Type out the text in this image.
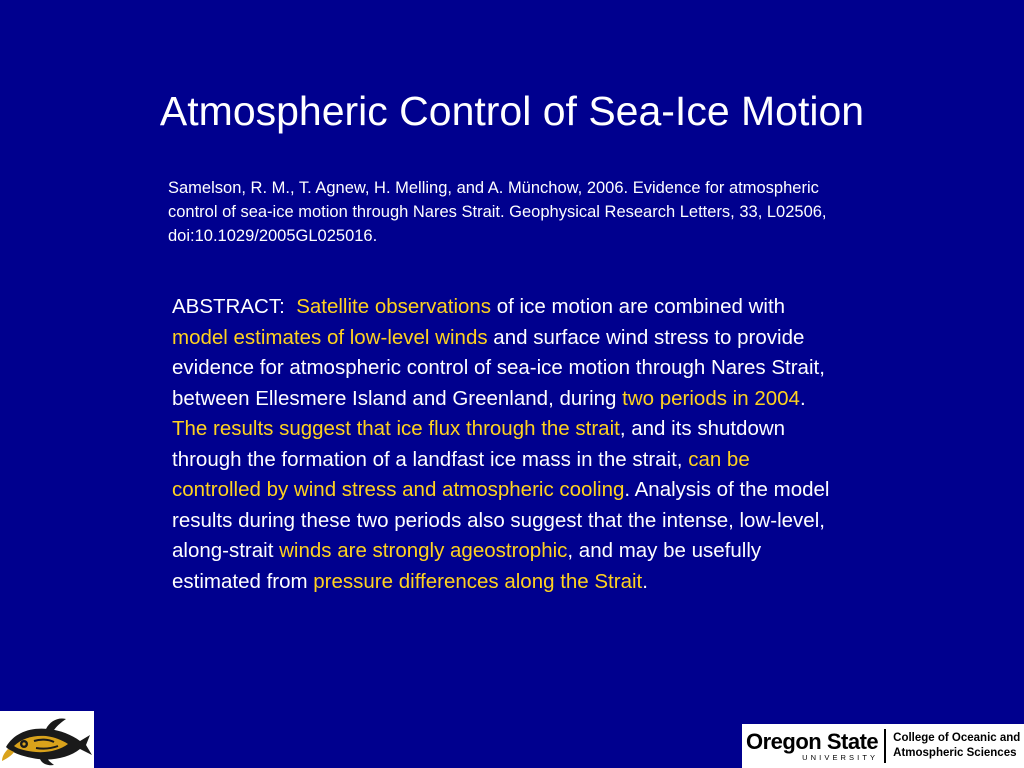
Atmospheric Control of Sea-Ice Motion

Samelson, R. M., T. Agnew, H. Melling, and A. Münchow, 2006. Evidence for atmospheric control of sea-ice motion through Nares Strait. Geophysical Research Letters, 33, L02506, doi:10.1029/2005GL025016.

ABSTRACT: Satellite observations of ice motion are combined with model estimates of low-level winds and surface wind stress to provide evidence for atmospheric control of sea-ice motion through Nares Strait, between Ellesmere Island and Greenland, during two periods in 2004. The results suggest that ice flux through the strait, and its shutdown through the formation of a landfast ice mass in the strait, can be controlled by wind stress and atmospheric cooling. Analysis of the model results during these two periods also suggest that the intense, low-level, along-strait winds are strongly ageostrophic, and may be usefully estimated from pressure differences along the Strait.

Oregon State
UNIVERSITY
College of Oceanic and
Atmospheric Sciences
